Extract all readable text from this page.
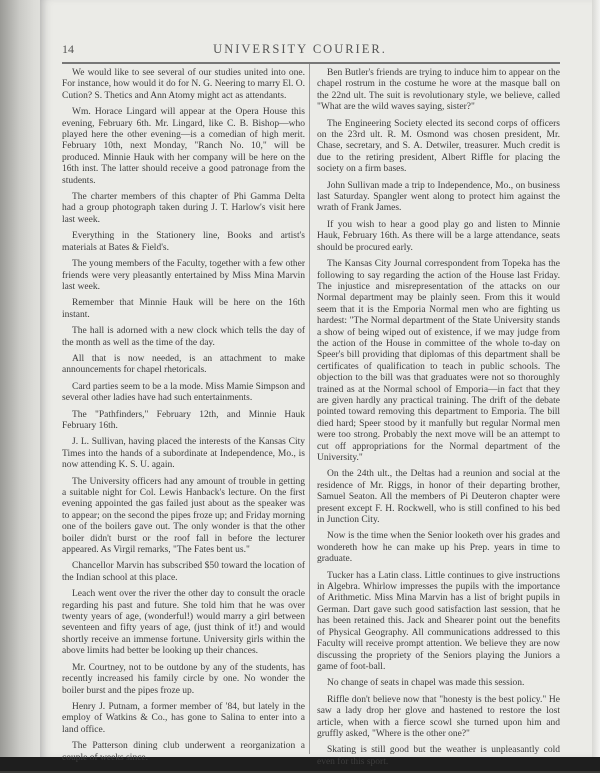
14	UNIVERSITY COURIER.

We would like to see several of our studies united into one. For instance, how would it do for N. G. Neering to marry El. O. Cution? S. Thetics and Ann Atomy might act as attendants.

Wm. Horace Lingard will appear at the Opera House this evening, February 6th. Mr. Lingard, like C. B. Bishop—who played here the other evening—is a comedian of high merit. February 10th, next Monday, "Ranch No. 10," will be produced. Minnie Hauk with her company will be here on the 16th inst. The latter should receive a good patronage from the students.

The charter members of this chapter of Phi Gamma Delta had a group photograph taken during J. T. Harlow's visit here last week.

Everything in the Stationery line, Books and artist's materials at Bates & Field's.

The young members of the Faculty, together with a few other friends were very pleasantly entertained by Miss Mina Marvin last week.

Remember that Minnie Hauk will be here on the 16th instant.

The hall is adorned with a new clock which tells the day of the month as well as the time of the day.

All that is now needed, is an attachment to make announcements for chapel rhetoricals.

Card parties seem to be a la mode. Miss Mamie Simpson and several other ladies have had such entertainments.

The "Pathfinders," February 12th, and Minnie Hauk February 16th.

J. L. Sullivan, having placed the interests of the Kansas City Times into the hands of a subordinate at Independence, Mo., is now attending K. S. U. again.

The University officers had any amount of trouble in getting a suitable night for Col. Lewis Hanback's lecture. On the first evening appointed the gas failed just about as the speaker was to appear; on the second the pipes froze up; and Friday morning one of the boilers gave out. The only wonder is that the other boiler didn't burst or the roof fall in before the lecturer appeared. As Virgil remarks, "The Fates bent us."

Chancellor Marvin has subscribed $50 toward the location of the Indian school at this place.

Leach went over the river the other day to consult the oracle regarding his past and future. She told him that he was over twenty years of age, (wonderful!) would marry a girl between seventeen and fifty years of age, (just think of it!) and would shortly receive an immense fortune. University girls within the above limits had better be looking up their chances.

Mr. Courtney, not to be outdone by any of the students, has recently increased his family circle by one. No wonder the boiler burst and the pipes froze up.

Henry J. Putnam, a former member of '84, but lately in the employ of Watkins & Co., has gone to Salina to enter into a land office.

The Patterson dining club underwent a reorganization a couple of weeks since.

Ben Butler's friends are trying to induce him to appear on the chapel rostrum in the costume he wore at the masque ball on the 22nd ult. The suit is revolutionary style, we believe, called "What are the wild waves saying, sister?"

The Engineering Society elected its second corps of officers on the 23rd ult. R. M. Osmond was chosen president, Mr. Chase, secretary, and S. A. Detwiler, treasurer. Much credit is due to the retiring president, Albert Riffle for placing the society on a firm bases.

John Sullivan made a trip to Independence, Mo., on business last Saturday. Spangler went along to protect him against the wrath of Frank James.

If you wish to hear a good play go and listen to Minnie Hauk, February 16th. As there will be a large attendance, seats should be procured early.

The Kansas City Journal correspondent from Topeka has the following to say regarding the action of the House last Friday. The injustice and misrepresentation of the attacks on our Normal department may be plainly seen. From this it would seem that it is the Emporia Normal men who are fighting us hardest: "The Normal department of the State University stands a show of being wiped out of existence, if we may judge from the action of the House in committee of the whole to-day on Speer's bill providing that diplomas of this department shall be certificates of qualification to teach in public schools. The objection to the bill was that graduates were not so thoroughly trained as at the Normal school of Emporia—in fact that they are given hardly any practical training. The drift of the debate pointed toward removing this department to Emporia. The bill died hard; Speer stood by it manfully but regular Normal men were too strong. Probably the next move will be an attempt to cut off appropriations for the Normal department of the University."

On the 24th ult., the Deltas had a reunion and social at the residence of Mr. Riggs, in honor of their departing brother, Samuel Seaton. All the members of Pi Deuteron chapter were present except F. H. Rockwell, who is still confined to his bed in Junction City.

Now is the time when the Senior looketh over his grades and wondereth how he can make up his Prep. years in time to graduate.

Tucker has a Latin class. Little continues to give instructions in Algebra. Whirlow impresses the pupils with the importance of Arithmetic. Miss Mina Marvin has a list of bright pupils in German. Dart gave such good satisfaction last session, that he has been retained this. Jack and Shearer point out the benefits of Physical Geography. All communications addressed to this Faculty will receive prompt attention. We believe they are now discussing the propriety of the Seniors playing the Juniors a game of foot-ball.

No change of seats in chapel was made this session.

Riffle don't believe now that "honesty is the best policy." He saw a lady drop her glove and hastened to restore the lost article, when with a fierce scowl she turned upon him and gruffly asked, "Where is the other one?"

Skating is still good but the weather is unpleasantly cold even for this sport.
